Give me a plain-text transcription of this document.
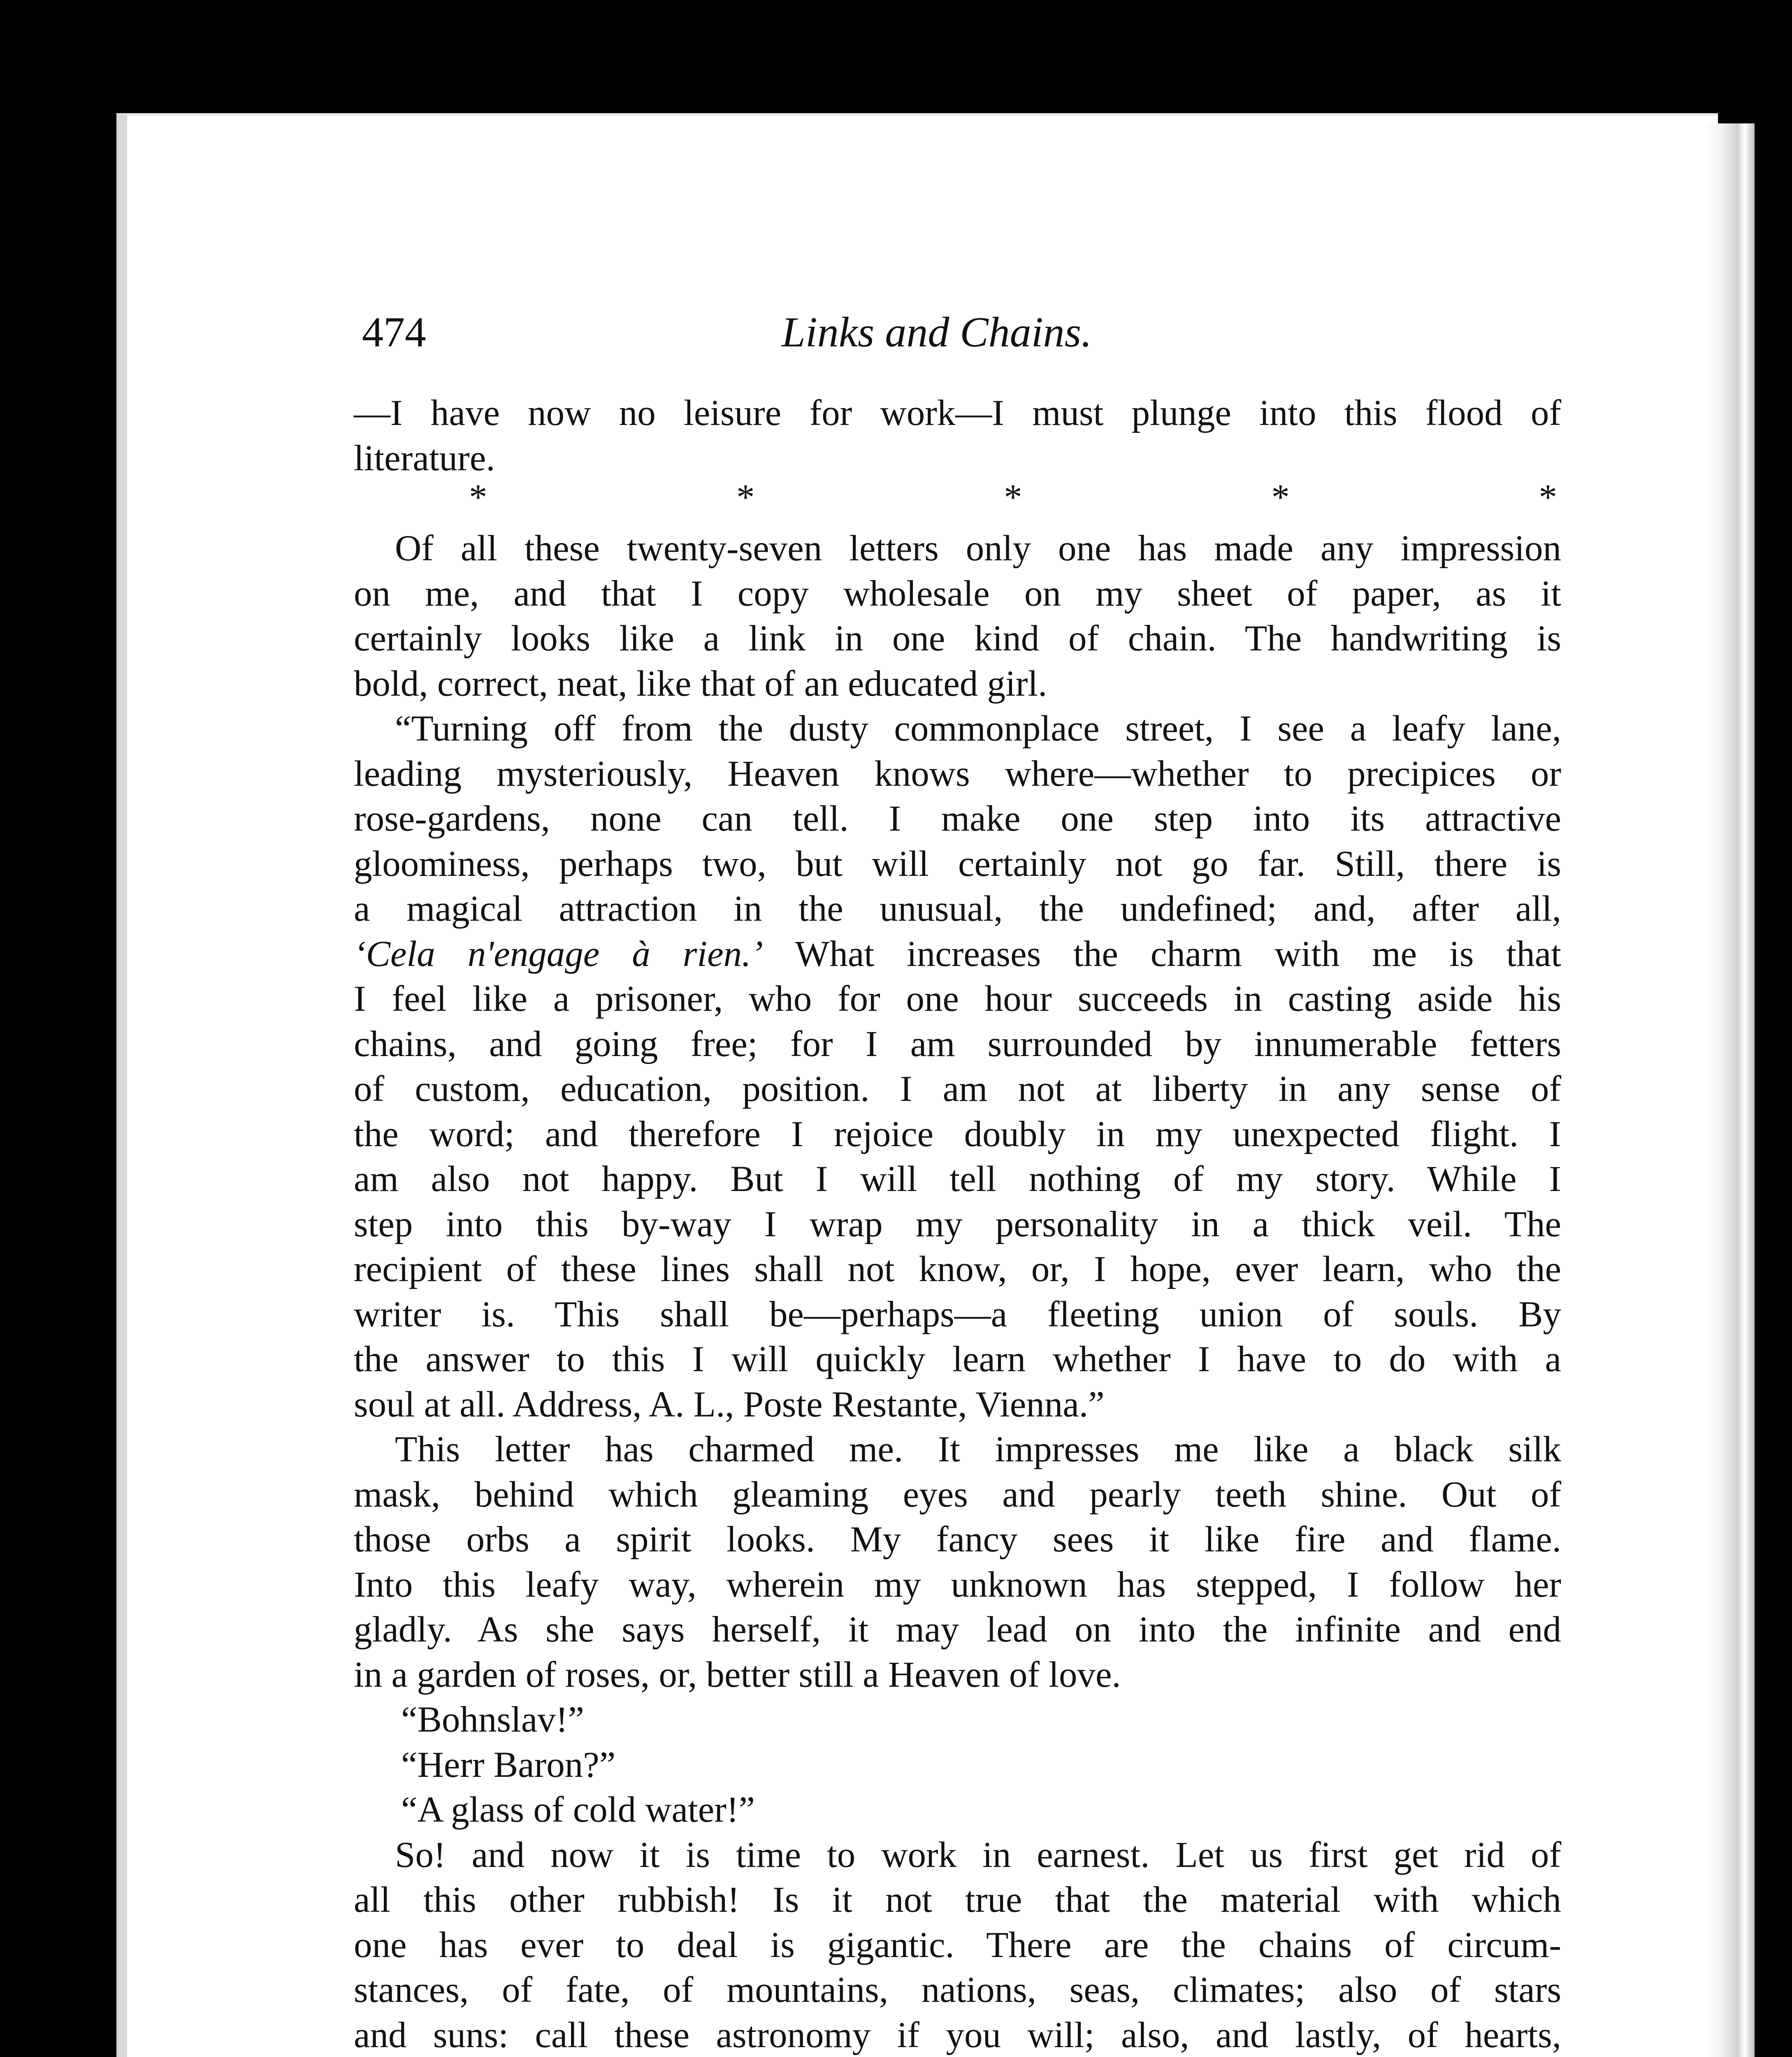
474	Links and Chains.
—I have now no leisure for work—I must plunge into this flood of
literature.
*	*	*	*	*
Of all these twenty-seven letters only one has made any impression
on me, and that I copy wholesale on my sheet of paper, as it
certainly looks like a link in one kind of chain. The handwriting is
bold, correct, neat, like that of an educated girl.
“Turning off from the dusty commonplace street, I see a leafy lane,
leading mysteriously, Heaven knows where—whether to precipices or
rose-gardens, none can tell. I make one step into its attractive
gloominess, perhaps two, but will certainly not go far. Still, there is
a magical attraction in the unusual, the undefined; and, after all,
‘Cela n'engage à rien.’ What increases the charm with me is that
I feel like a prisoner, who for one hour succeeds in casting aside his
chains, and going free; for I am surrounded by innumerable fetters
of custom, education, position. I am not at liberty in any sense of
the word; and therefore I rejoice doubly in my unexpected flight. I
am also not happy. But I will tell nothing of my story. While I
step into this by-way I wrap my personality in a thick veil. The
recipient of these lines shall not know, or, I hope, ever learn, who the
writer is. This shall be—perhaps—a fleeting union of souls. By
the answer to this I will quickly learn whether I have to do with a
soul at all. Address, A. L., Poste Restante, Vienna.”
This letter has charmed me. It impresses me like a black silk
mask, behind which gleaming eyes and pearly teeth shine. Out of
those orbs a spirit looks. My fancy sees it like fire and flame.
Into this leafy way, wherein my unknown has stepped, I follow her
gladly. As she says herself, it may lead on into the infinite and end
in a garden of roses, or, better still a Heaven of love.
“Bohnslav!”
“Herr Baron?”
“A glass of cold water!”
So! and now it is time to work in earnest. Let us first get rid of
all this other rubbish! Is it not true that the material with which
one has ever to deal is gigantic. There are the chains of circum-
stances, of fate, of mountains, nations, seas, climates; also of stars
and suns: call these astronomy if you will; also, and lastly, of hearts,
